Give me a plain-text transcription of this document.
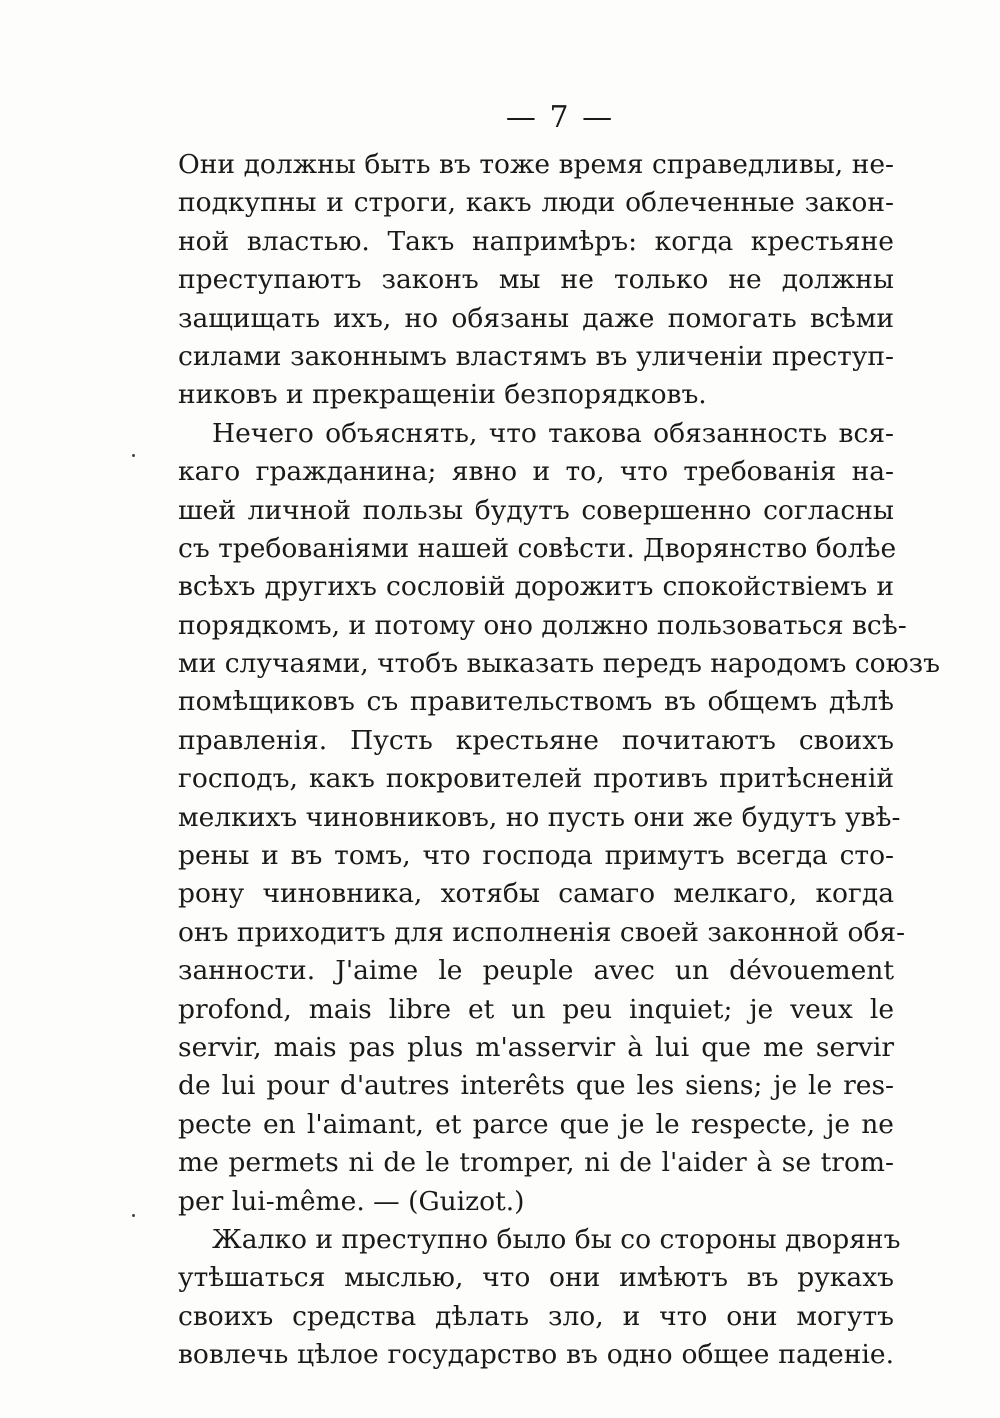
— 7 —
Они должны быть въ тоже время справедливы, не-
подкупны и строги, какъ люди облеченные закон-
ной властью. Такъ напримѣръ: когда крестьяне
преступаютъ законъ мы не только не должны
защищать ихъ, но обязаны даже помогать всѣми
силами законнымъ властямъ въ уличенiи преступ-
никовъ и прекращенiи безпорядковъ.
Нечего объяснять, что такова обязанность вся-
каго гражданина; явно и то, что требованiя на-
шей личной пользы будутъ совершенно согласны
съ требованiями нашей совѣсти. Дворянство болѣе
всѣхъ другихъ сословiй дорожитъ спокойствiемъ и
порядкомъ, и потому оно должно пользоваться всѣ-
ми случаями, чтобъ выказать передъ народомъ союзъ
помѣщиковъ съ правительствомъ въ общемъ дѣлѣ
правленiя. Пусть крестьяне почитаютъ своихъ
господъ, какъ покровителей противъ притѣсненiй
мелкихъ чиновниковъ, но пусть они же будутъ увѣ-
рены и въ томъ, что господа примутъ всегда сто-
рону чиновника, хотябы самаго мелкаго, когда
онъ приходитъ для исполненiя своей законной обя-
занности. J'aime le peuple avec un dévouement
profond, mais libre et un peu inquiet; je veux le
servir, mais pas plus m'asservir à lui que me servir
de lui pour d'autres interêts que les siens; je le res-
pecte en l'aimant, et parce que je le respecte, je ne
me permets ni de le tromper, ni de l'aider à se trom-
per lui-même. — (Guizot.)
Жалко и преступно было бы со стороны дворянъ
утѣшаться мыслью, что они имѣютъ въ рукахъ
своихъ средства дѣлать зло, и что они могутъ
вовлечь цѣлое государство въ одно общее паденiе.
